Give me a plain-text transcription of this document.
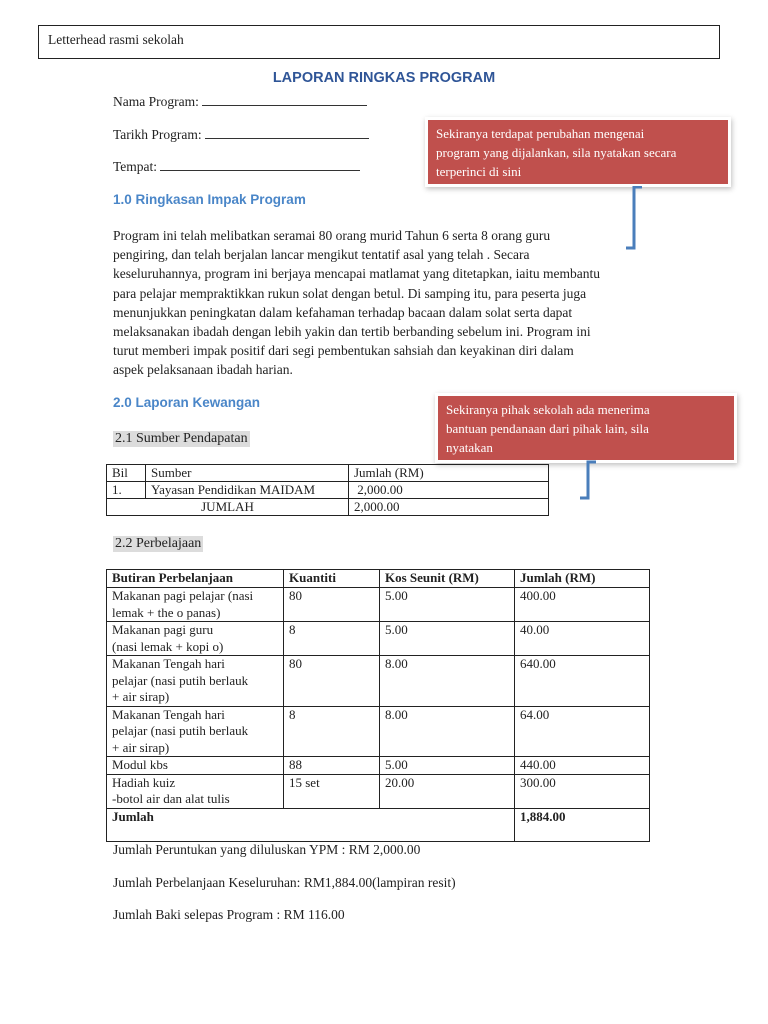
Letterhead rasmi sekolah
LAPORAN RINGKAS PROGRAM
Nama Program:
Tarikh Program:
Tempat:
Sekiranya terdapat perubahan mengenai
program yang dijalankan, sila nyatakan secara
terperinci di sini
1.0 Ringkasan Impak Program
Program ini telah melibatkan seramai 80 orang murid Tahun 6 serta 8 orang guru
pengiring, dan telah berjalan lancar mengikut tentatif asal yang telah . Secara
keseluruhannya, program ini berjaya mencapai matlamat yang ditetapkan, iaitu membantu
para pelajar mempraktikkan rukun solat dengan betul. Di samping itu, para peserta juga
menunjukkan peningkatan dalam kefahaman terhadap bacaan dalam solat serta dapat
melaksanakan ibadah dengan lebih yakin dan tertib berbanding sebelum ini. Program ini
turut memberi impak positif dari segi pembentukan sahsiah dan keyakinan diri dalam
aspek pelaksanaan ibadah harian.
2.0 Laporan Kewangan	Sekiranya pihak sekolah ada menerima
bantuan pendanaan dari pihak lain, sila
nyatakan
2.1 Sumber Pendapatan
Bil	Sumber	Jumlah (RM)
1.	Yayasan Pendidikan MAIDAM	2,000.00
JUMLAH		2,000.00
2.2 Perbelajaan
Butiran Perbelanjaan	Kuantiti	Kos Seunit (RM)	Jumlah (RM)

Makanan pagi pelajar (nasi
lemak + the o panas)	80	5.00	400.00

Makanan pagi guru
(nasi lemak + kopi o)	8	5.00	40.00

Makanan Tengah hari
pelajar (nasi putih berlauk
+ air sirap)	80	8.00	640.00

Makanan Tengah hari
pelajar (nasi putih berlauk
+ air sirap)	8	8.00	64.00
Modul kbs	88	5.00	440.00

Hadiah kuiz
-botol air dan alat tulis	15 set	20.00	300.00
Jumlah			1,884.00
Jumlah Peruntukan yang diluluskan YPM : RM 2,000.00
Jumlah Perbelanjaan Keseluruhan: RM1,884.00(lampiran resit)
Jumlah Baki selepas Program : RM 116.00
